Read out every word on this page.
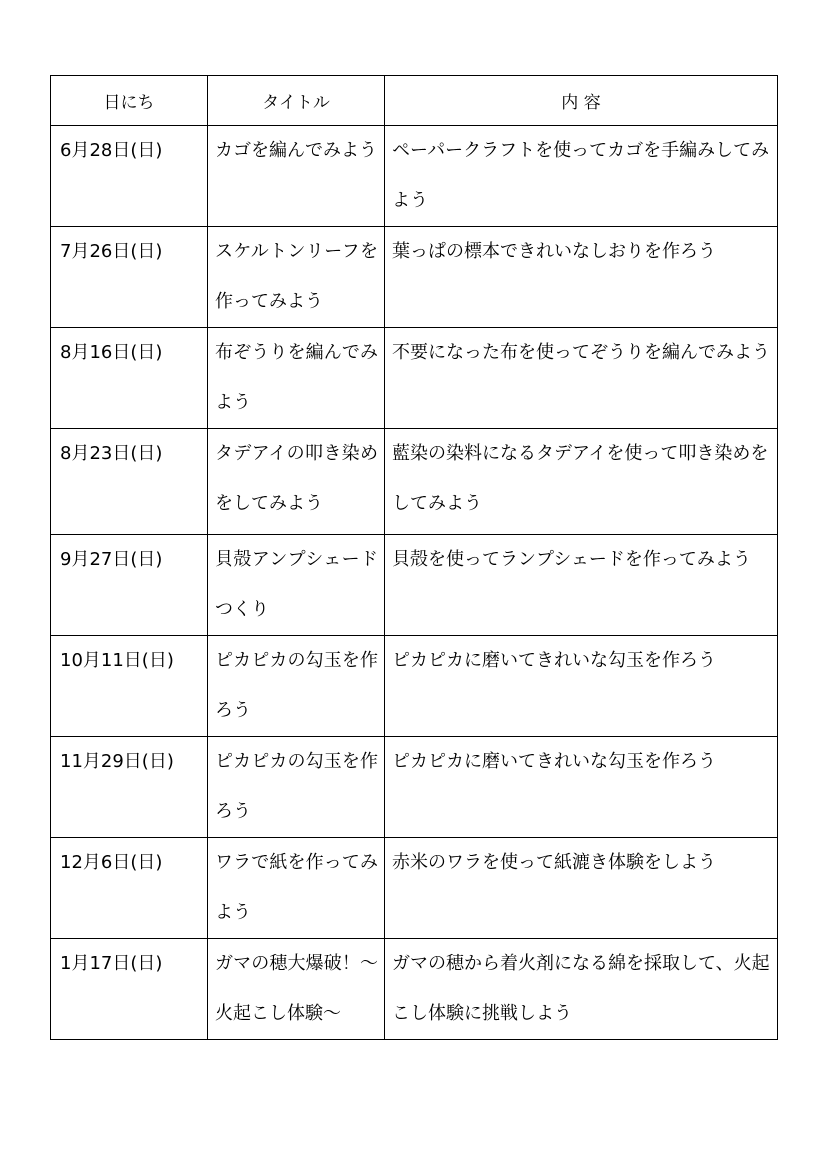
日にち	タイトル	内 容
6月28日(日)	カゴを編んでみよう	ペーパークラフトを使ってカゴを手編みしてみよう
7月26日(日)	スケルトンリーフを作ってみよう	葉っぱの標本できれいなしおりを作ろう
8月16日(日)	布ぞうりを編んでみよう	不要になった布を使ってぞうりを編んでみよう
8月23日(日)	タデアイの叩き染めをしてみよう	藍染の染料になるタデアイを使って叩き染めをしてみよう
9月27日(日)	貝殻アンプシェードつくり	貝殻を使ってランプシェードを作ってみよう
10月11日(日)	ピカピカの勾玉を作ろう	ピカピカに磨いてきれいな勾玉を作ろう
11月29日(日)	ピカピカの勾玉を作ろう	ピカピカに磨いてきれいな勾玉を作ろう
12月6日(日)	ワラで紙を作ってみよう	赤米のワラを使って紙漉き体験をしよう
1月17日(日)	ガマの穂大爆破！～火起こし体験～	ガマの穂から着火剤になる綿を採取して、火起こし体験に挑戦しよう
